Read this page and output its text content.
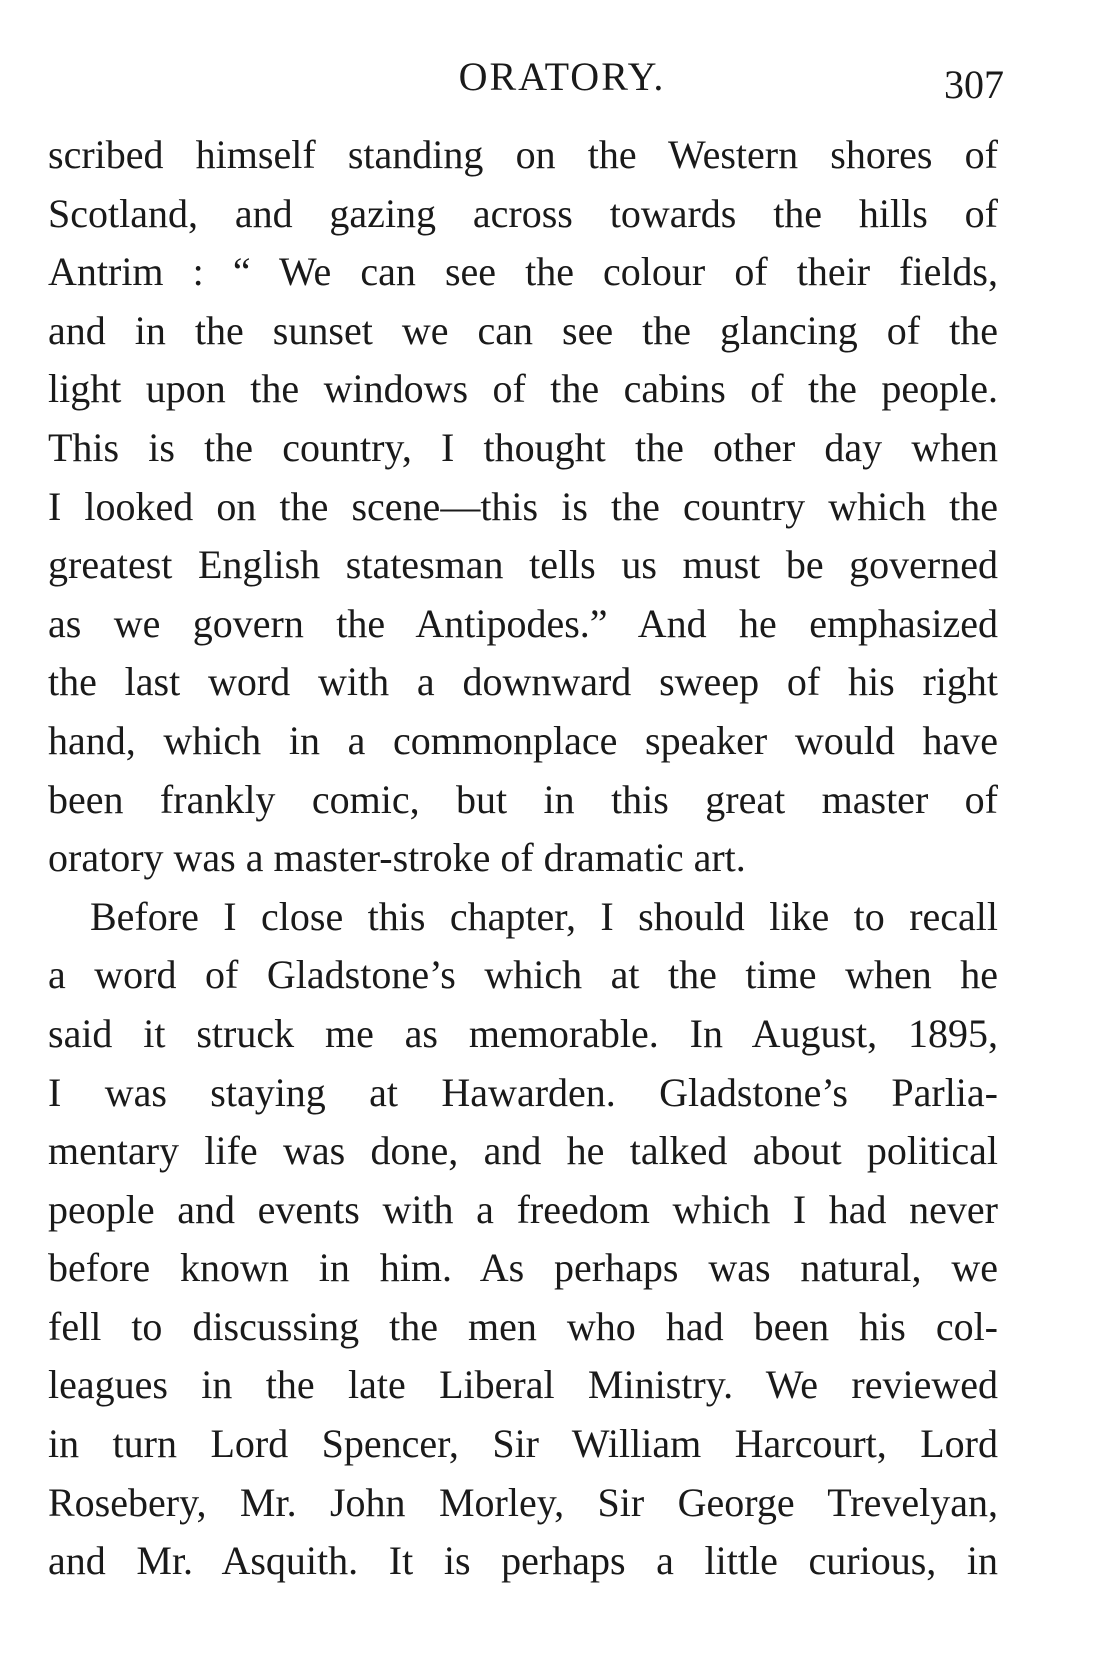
ORATORY.	307
scribed himself standing on the Western shores of
Scotland, and gazing across towards the hills of
Antrim : “ We can see the colour of their fields,
and in the sunset we can see the glancing of the
light upon the windows of the cabins of the people.
This is the country, I thought the other day when
I looked on the scene—this is the country which the
greatest English statesman tells us must be governed
as we govern the Antipodes.” And he emphasized
the last word with a downward sweep of his right
hand, which in a commonplace speaker would have
been frankly comic, but in this great master of
oratory was a master-stroke of dramatic art.
Before I close this chapter, I should like to recall
a word of Gladstone’s which at the time when he
said it struck me as memorable. In August, 1895,
I was staying at Hawarden. Gladstone’s Parlia-
mentary life was done, and he talked about political
people and events with a freedom which I had never
before known in him. As perhaps was natural, we
fell to discussing the men who had been his col-
leagues in the late Liberal Ministry. We reviewed
in turn Lord Spencer, Sir William Harcourt, Lord
Rosebery, Mr. John Morley, Sir George Trevelyan,
and Mr. Asquith. It is perhaps a little curious, in
